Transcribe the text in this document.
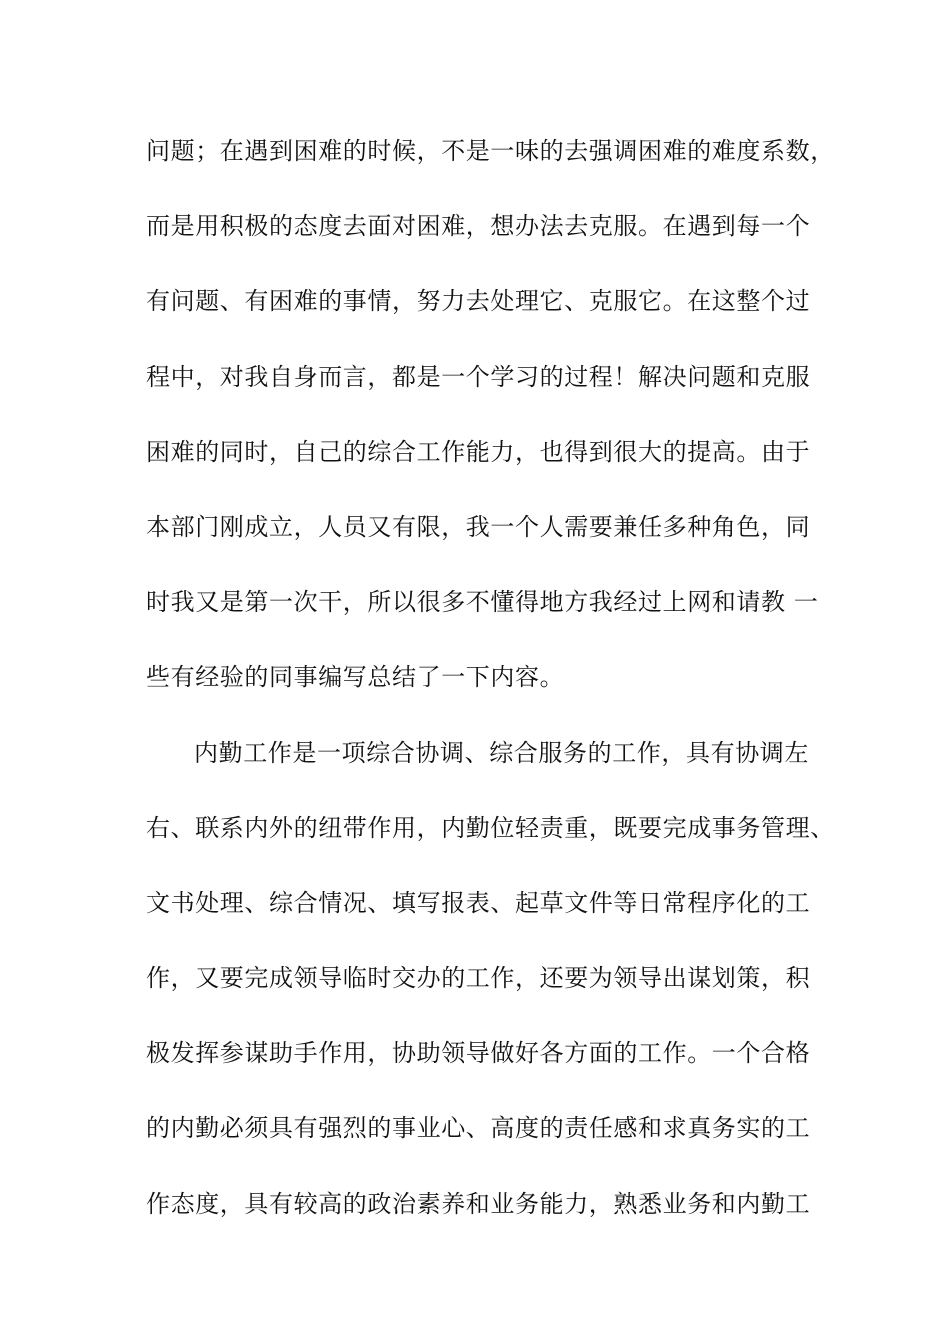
问题；在遇到困难的时候，不是一味的去强调困难的难度系数，
而是用积极的态度去面对困难，想办法去克服。在遇到每一个
有问题、有困难的事情，努力去处理它、克服它。在这整个过
程中，对我自身而言，都是一个学习的过程！解决问题和克服
困难的同时，自己的综合工作能力，也得到很大的提高。由于
本部门刚成立，人员又有限，我一个人需要兼任多种角色，同
时我又是第一次干，所以很多不懂得地方我经过上网和请教 一
些有经验的同事编写总结了一下内容。
内勤工作是一项综合协调、综合服务的工作，具有协调左
右、联系内外的纽带作用，内勤位轻责重，既要完成事务管理、
文书处理、综合情况、填写报表、起草文件等日常程序化的工
作，又要完成领导临时交办的工作，还要为领导出谋划策，积
极发挥参谋助手作用，协助领导做好各方面的工作。一个合格
的内勤必须具有强烈的事业心、高度的责任感和求真务实的工
作态度，具有较高的政治素养和业务能力，熟悉业务和内勤工
